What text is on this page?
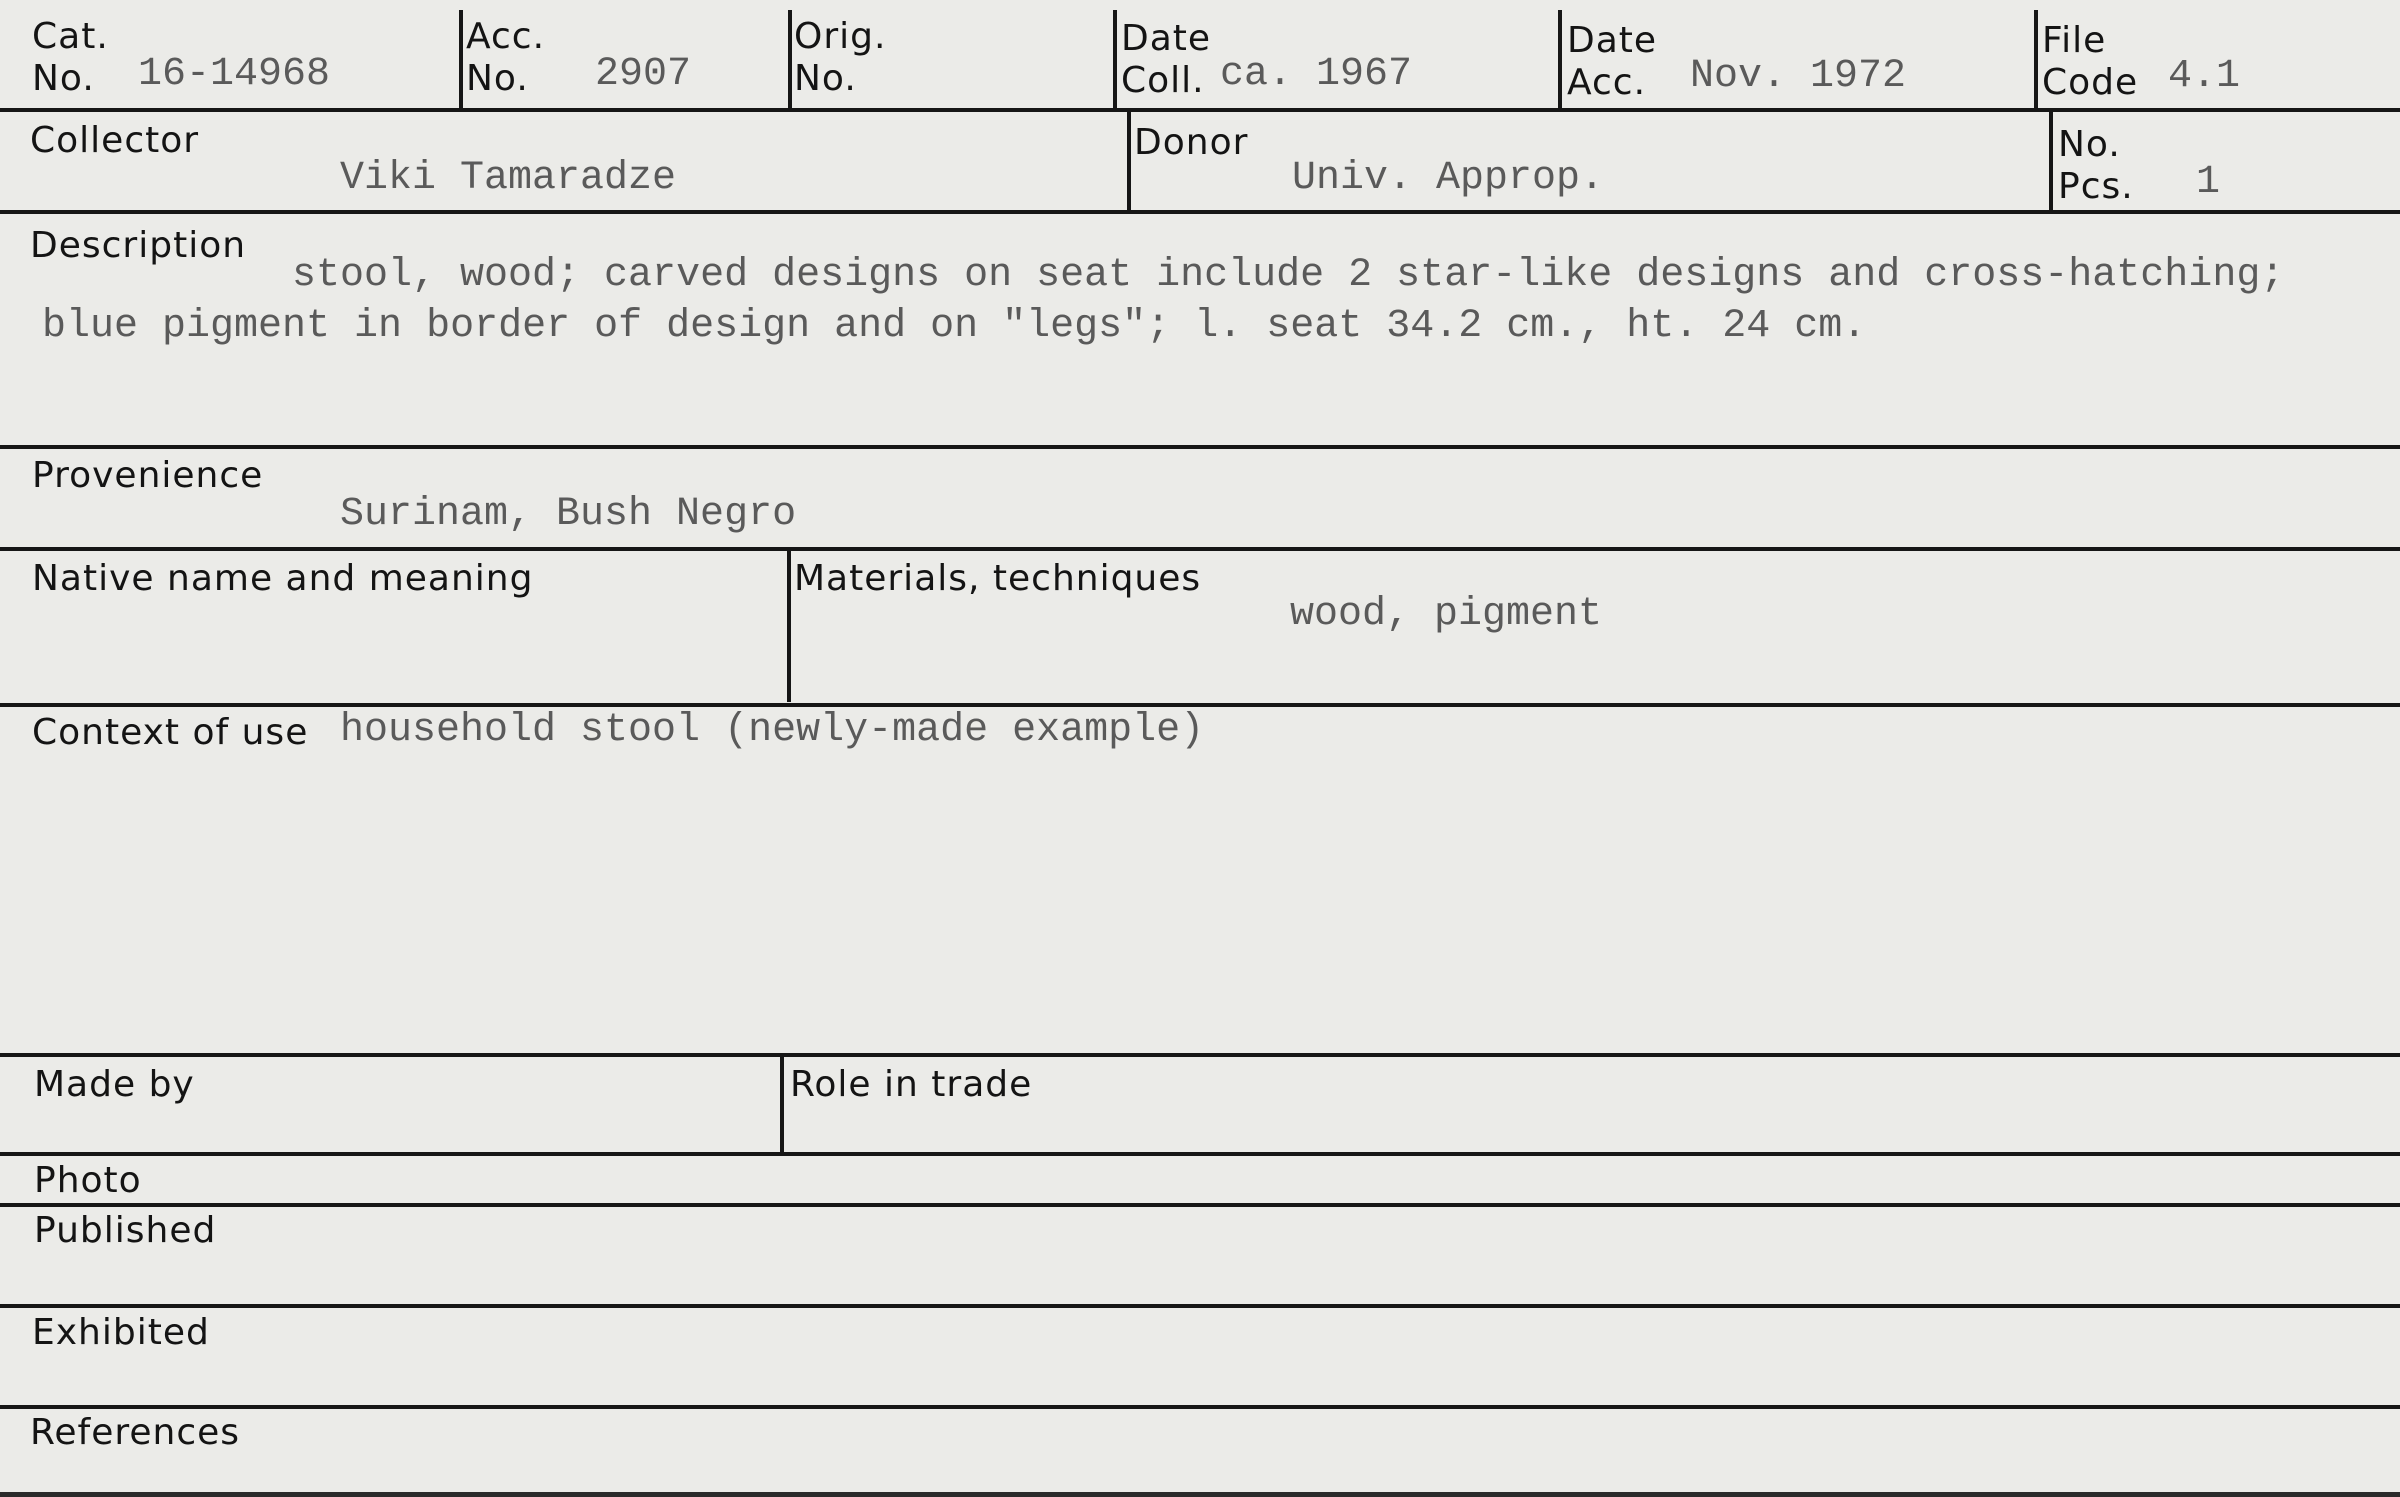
Cat.
No. 16-14968
Acc.
No. 2907
Orig.
No.
Date
Coll. ca. 1967
Date
Acc. Nov. 1972
File
Code 4.1
Collector
Viki Tamaradze
Donor
Univ. Approp.
No.
Pcs. 1
Description
stool, wood; carved designs on seat include 2 star-like designs and cross-hatching; blue pigment in border of design and on "legs"; l. seat 34.2 cm., ht. 24 cm.
Provenience
Surinam, Bush Negro
Native name and meaning	Materials, techniques
wood, pigment
Context of use household stool (newly-made example)
Made by	Role in trade
Photo
Published
Exhibited
References
